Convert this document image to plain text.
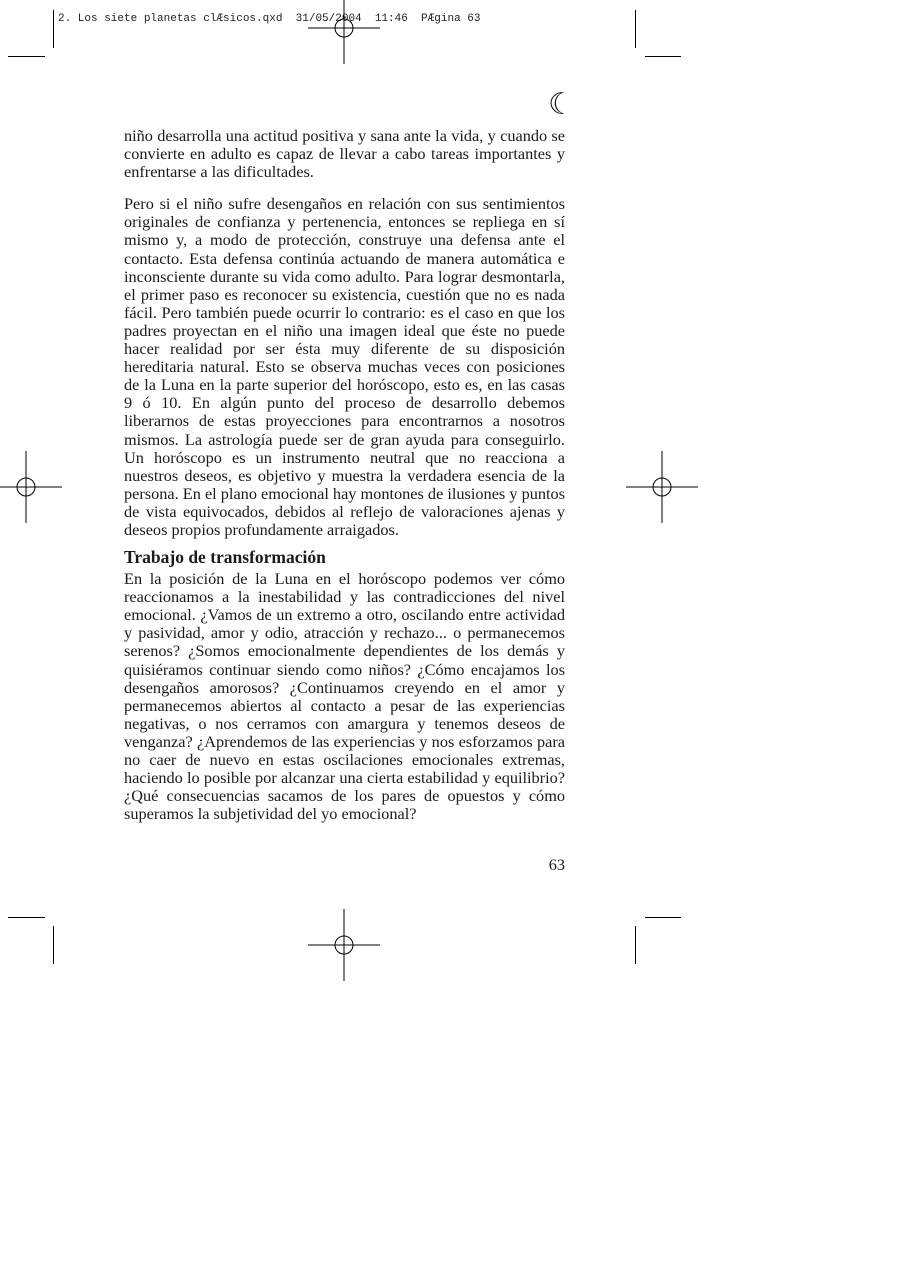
2. Los siete planetas clÆsicos.qxd  31/05/2004  11:46  PÆgina 63
☾

niño desarrolla una actitud positiva y sana ante la vida, y cuando se convierte en adulto es capaz de llevar a cabo tareas importantes y enfrentarse a las dificultades.

Pero si el niño sufre desengaños en relación con sus sentimientos originales de confianza y pertenencia, entonces se repliega en sí mismo y, a modo de protección, construye una defensa ante el contacto. Esta defensa continúa actuando de manera automática e inconsciente durante su vida como adulto. Para lograr desmontarla, el primer paso es reconocer su existencia, cuestión que no es nada fácil. Pero también puede ocurrir lo contrario: es el caso en que los padres proyectan en el niño una imagen ideal que éste no puede hacer realidad por ser ésta muy diferente de su disposición hereditaria natural. Esto se observa muchas veces con posiciones de la Luna en la parte superior del horóscopo, esto es, en las casas 9 ó 10. En algún punto del proceso de desarrollo debemos liberarnos de estas proyecciones para encontrarnos a nosotros mismos. La astrología puede ser de gran ayuda para conseguirlo. Un horóscopo es un instrumento neutral que no reacciona a nuestros deseos, es objetivo y muestra la verdadera esencia de la persona. En el plano emocional hay montones de ilusiones y puntos de vista equivocados, debidos al reflejo de valoraciones ajenas y deseos propios profundamente arraigados.

Trabajo de transformación

En la posición de la Luna en el horóscopo podemos ver cómo reaccionamos a la inestabilidad y las contradicciones del nivel emocional. ¿Vamos de un extremo a otro, oscilando entre actividad y pasividad, amor y odio, atracción y rechazo... o permanecemos serenos? ¿Somos emocionalmente dependientes de los demás y quisiéramos continuar siendo como niños? ¿Cómo encajamos los desengaños amorosos? ¿Continuamos creyendo en el amor y permanecemos abiertos al contacto a pesar de las experiencias negativas, o nos cerramos con amargura y tenemos deseos de venganza? ¿Aprendemos de las experiencias y nos esforzamos para no caer de nuevo en estas oscilaciones emocionales extremas, haciendo lo posible por alcanzar una cierta estabilidad y equilibrio? ¿Qué consecuencias sacamos de los pares de opuestos y cómo superamos la subjetividad del yo emocional?

63
